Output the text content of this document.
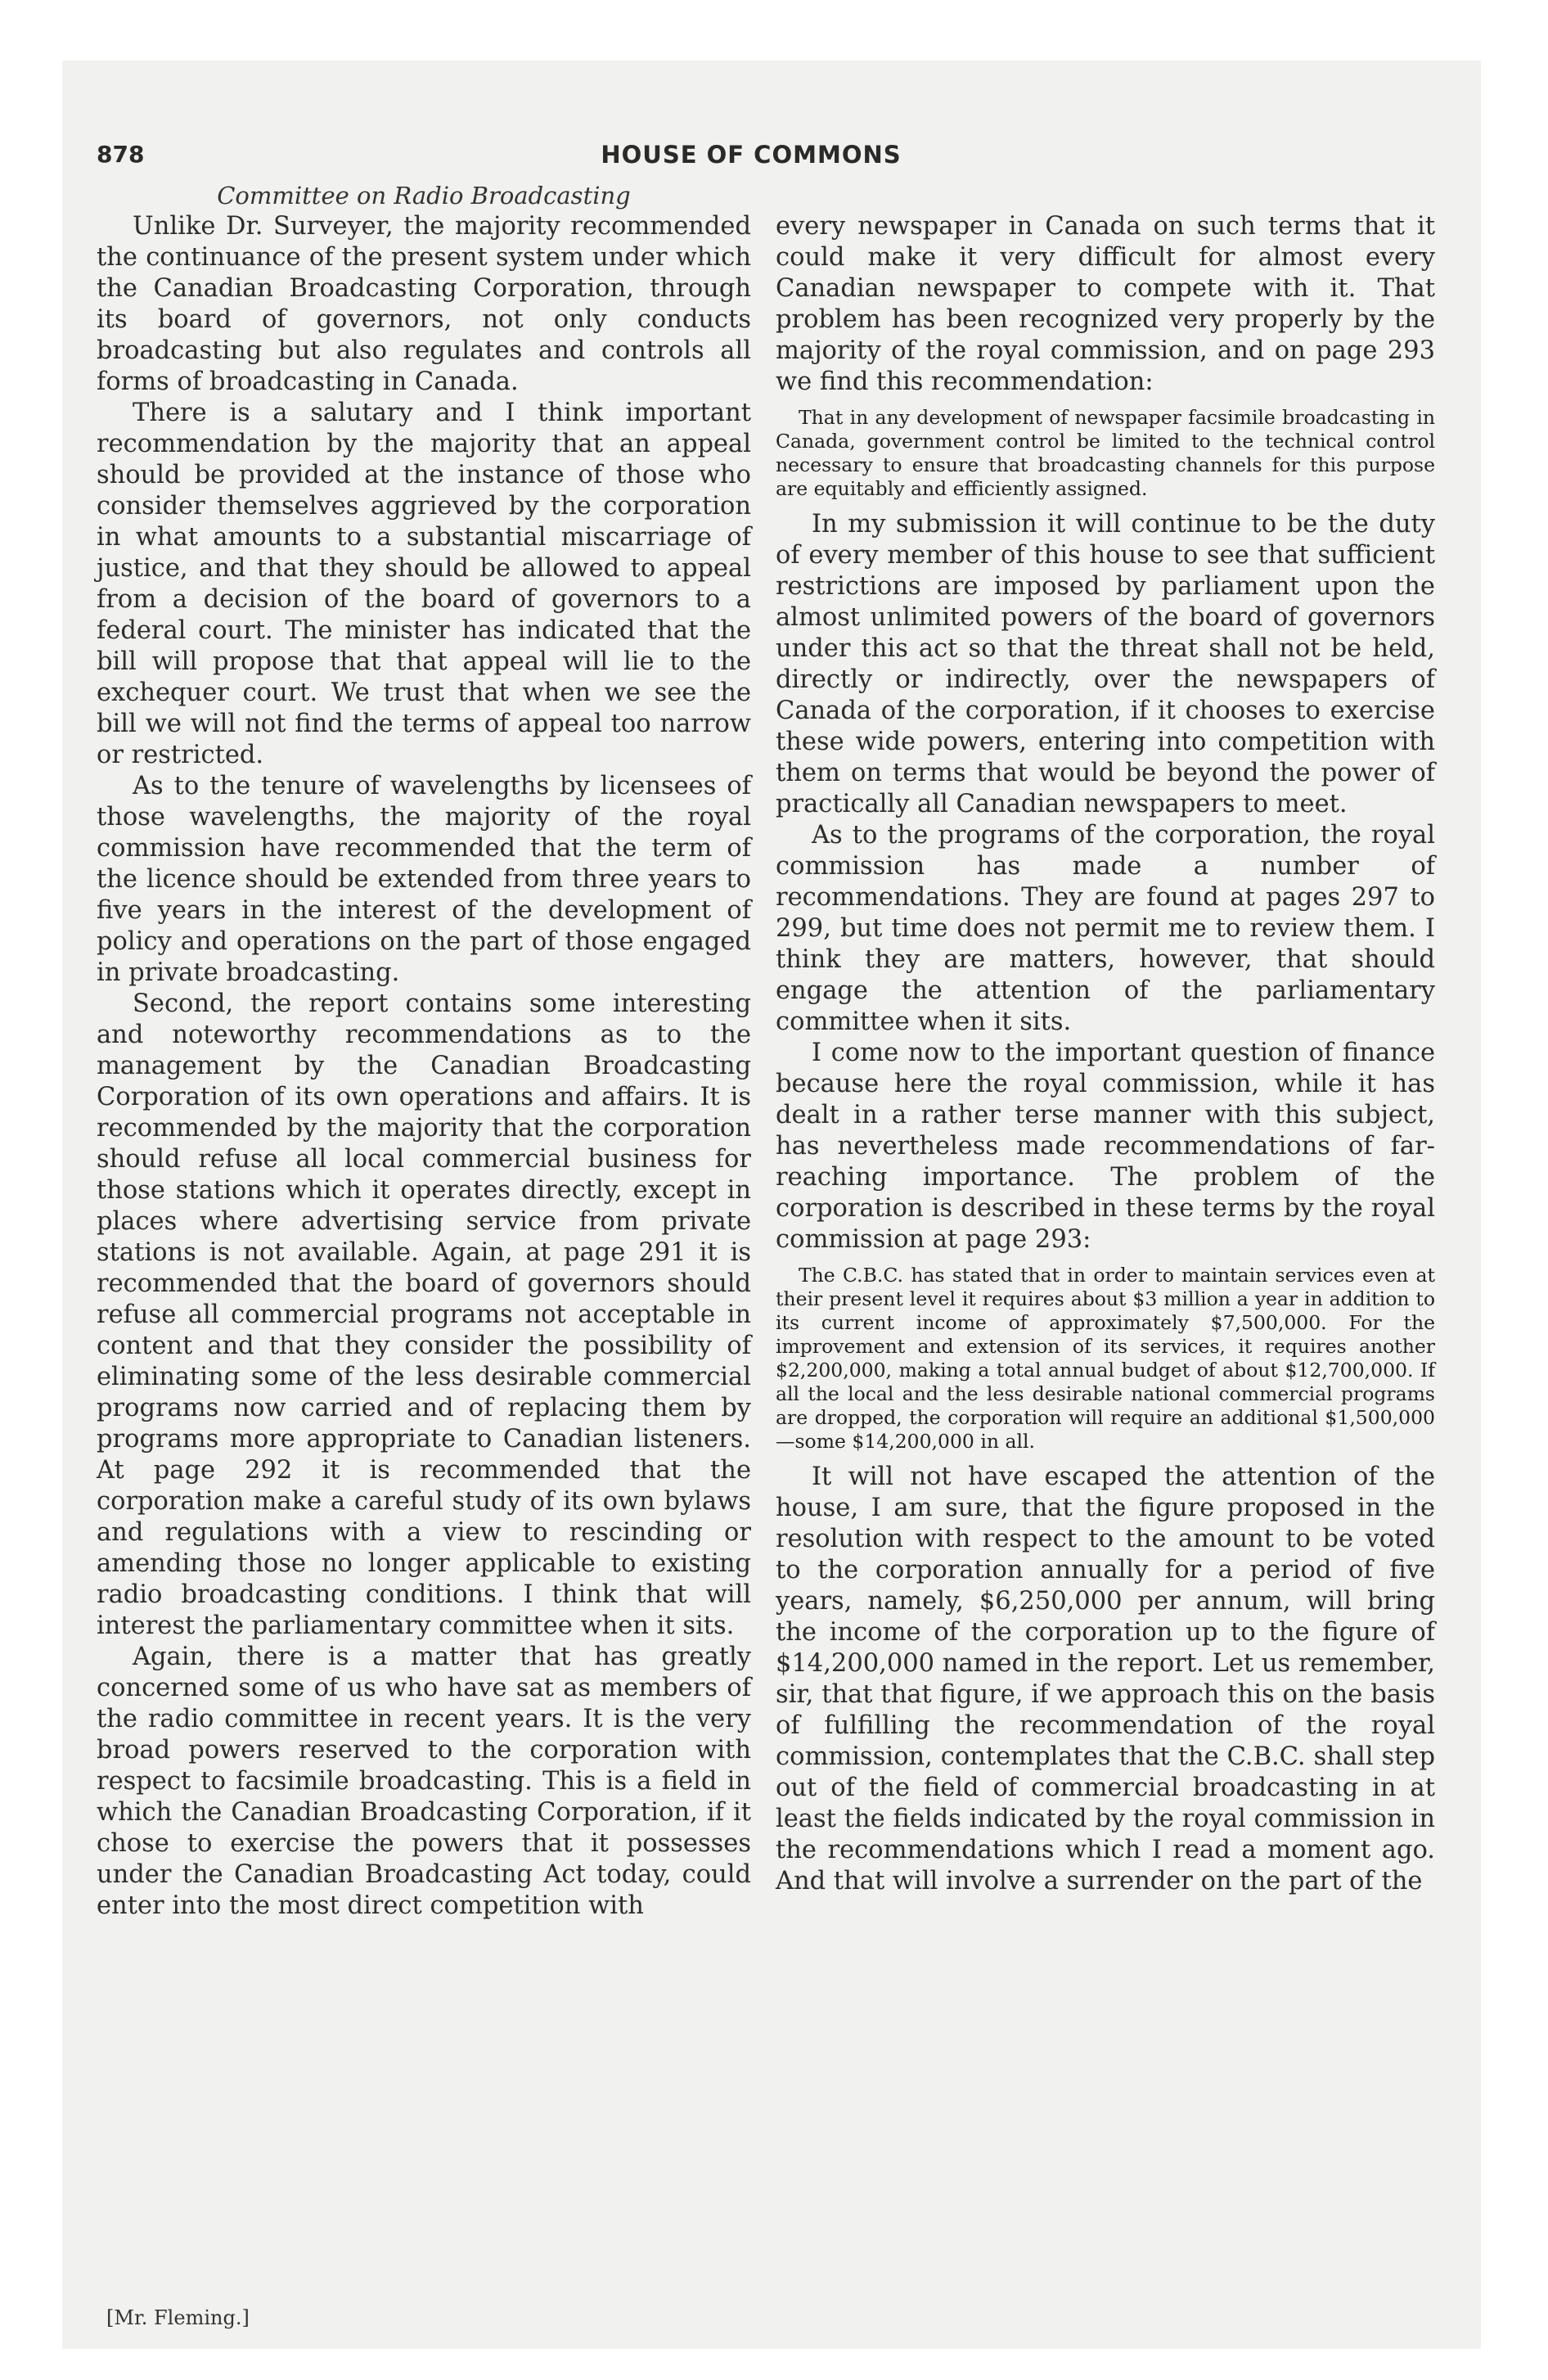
878	HOUSE OF COMMONS
Committee on Radio Broadcasting

Unlike Dr. Surveyer, the majority recommended the continuance of the present system under which the Canadian Broadcasting Corporation, through its board of governors, not only conducts broadcasting but also regulates and controls all forms of broadcasting in Canada.

There is a salutary and I think important recommendation by the majority that an appeal should be provided at the instance of those who consider themselves aggrieved by the corporation in what amounts to a substantial miscarriage of justice, and that they should be allowed to appeal from a decision of the board of governors to a federal court. The minister has indicated that the bill will propose that that appeal will lie to the exchequer court. We trust that when we see the bill we will not find the terms of appeal too narrow or restricted.

As to the tenure of wavelengths by licensees of those wavelengths, the majority of the royal commission have recommended that the term of the licence should be extended from three years to five years in the interest of the development of policy and operations on the part of those engaged in private broadcasting.

Second, the report contains some interesting and noteworthy recommendations as to the management by the Canadian Broadcasting Corporation of its own operations and affairs. It is recommended by the majority that the corporation should refuse all local commercial business for those stations which it operates directly, except in places where advertising service from private stations is not available. Again, at page 291 it is recommended that the board of governors should refuse all commercial programs not acceptable in content and that they consider the possibility of eliminating some of the less desirable commercial programs now carried and of replacing them by programs more appropriate to Canadian listeners. At page 292 it is recommended that the corporation make a careful study of its own bylaws and regulations with a view to rescinding or amending those no longer applicable to existing radio broadcasting conditions. I think that will interest the parliamentary committee when it sits.

Again, there is a matter that has greatly concerned some of us who have sat as members of the radio committee in recent years. It is the very broad powers reserved to the corporation with respect to facsimile broadcasting. This is a field in which the Canadian Broadcasting Corporation, if it chose to exercise the powers that it possesses under the Canadian Broadcasting Act today, could enter into the most direct competition with

every newspaper in Canada on such terms that it could make it very difficult for almost every Canadian newspaper to compete with it. That problem has been recognized very properly by the majority of the royal commission, and on page 293 we find this recommendation:

That in any development of newspaper facsimile broadcasting in Canada, government control be limited to the technical control necessary to ensure that broadcasting channels for this purpose are equitably and efficiently assigned.

In my submission it will continue to be the duty of every member of this house to see that sufficient restrictions are imposed by parliament upon the almost unlimited powers of the board of governors under this act so that the threat shall not be held, directly or indirectly, over the newspapers of Canada of the corporation, if it chooses to exercise these wide powers, entering into competition with them on terms that would be beyond the power of practically all Canadian newspapers to meet.

As to the programs of the corporation, the royal commission has made a number of recommendations. They are found at pages 297 to 299, but time does not permit me to review them. I think they are matters, however, that should engage the attention of the parliamentary committee when it sits.

I come now to the important question of finance because here the royal commission, while it has dealt in a rather terse manner with this subject, has nevertheless made recommendations of far-reaching importance. The problem of the corporation is described in these terms by the royal commission at page 293:

The C.B.C. has stated that in order to maintain services even at their present level it requires about $3 million a year in addition to its current income of approximately $7,500,000. For the improvement and extension of its services, it requires another $2,200,000, making a total annual budget of about $12,700,000. If all the local and the less desirable national commercial programs are dropped, the corporation will require an additional $1,500,000—some $14,200,000 in all.

It will not have escaped the attention of the house, I am sure, that the figure proposed in the resolution with respect to the amount to be voted to the corporation annually for a period of five years, namely, $6,250,000 per annum, will bring the income of the corporation up to the figure of $14,200,000 named in the report. Let us remember, sir, that that figure, if we approach this on the basis of fulfilling the recommendation of the royal commission, contemplates that the C.B.C. shall step out of the field of commercial broadcasting in at least the fields indicated by the royal commission in the recommendations which I read a moment ago. And that will involve a surrender on the part of the

[Mr. Fleming.]
